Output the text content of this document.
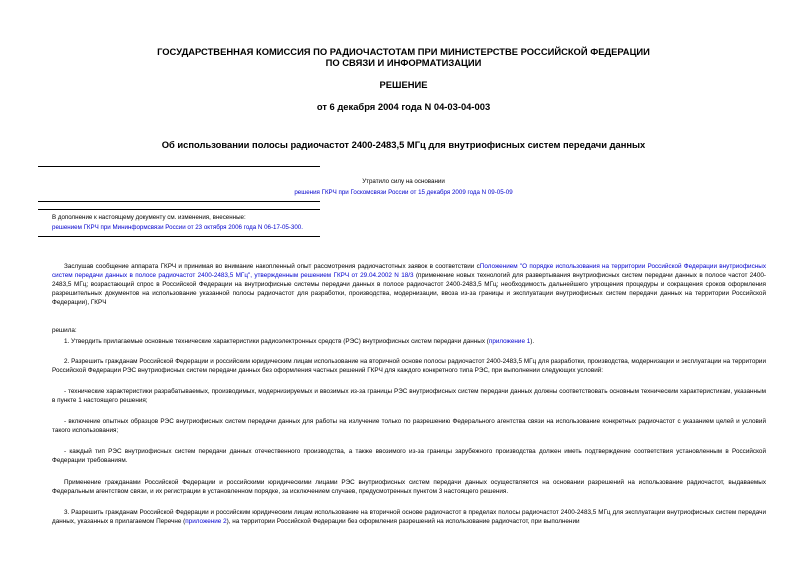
ГОСУДАРСТВЕННАЯ КОМИССИЯ ПО РАДИОЧАСТОТАМ ПРИ МИНИСТЕРСТВЕ РОССИЙСКОЙ ФЕДЕРАЦИИ
ПО СВЯЗИ И ИНФОРМАТИЗАЦИИ
РЕШЕНИЕ
от 6 декабря 2004 года N 04-03-04-003
Об использовании полосы радиочастот 2400-2483,5 МГц для внутриофисных систем передачи данных
Утратило силу на основании
решения ГКРЧ при Госкомсвязи России от 15 декабря 2009 года N 09-05-09
В дополнение к настоящему документу см. изменения, внесенные:
решением ГКРЧ при Мининформсвязи России от 23 октября 2006 года N 06-17-05-300.
Заслушав сообщение аппарата ГКРЧ и принимая во внимание накопленный опыт рассмотрения радиочастотных заявок в соответствии сПоложением "О порядке использования на территории Российской Федерации внутриофисных систем передачи данных в полосе радиочастот 2400-2483,5 МГц", утвержденным решением ГКРЧ от 29.04.2002 N 18/3 (применение новых технологий для развертывания внутриофисных систем передачи данных в полосе частот 2400-2483,5 МГц; возрастающий спрос в Российской Федерации на внутриофисные системы передачи данных в полосе радиочастот 2400-2483,5 МГц; необходимость дальнейшего упрощения процедуры и сокращения сроков оформления разрешительных документов на использование указанной полосы радиочастот для разработки, производства, модернизации, ввоза из-за границы и эксплуатации внутриофисных систем передачи данных на территории Российской Федерации), ГКРЧ
решила:
1. Утвердить прилагаемые основные технические характеристики радиоэлектронных средств (РЭС) внутриофисных систем передачи данных (приложение 1).
2. Разрешить гражданам Российской Федерации и российским юридическим лицам использование на вторичной основе полосы радиочастот 2400-2483,5 МГц для разработки, производства, модернизации и эксплуатации на территории Российской Федерации РЭС внутриофисных систем передачи данных без оформления частных решений ГКРЧ для каждого конкретного типа РЭС, при выполнении следующих условий:
- технические характеристики разрабатываемых, производимых, модернизируемых и ввозимых из-за границы РЭС внутриофисных систем передачи данных должны соответствовать основным техническим характеристикам, указанным в пункте 1 настоящего решения;
- включение опытных образцов РЭС внутриофисных систем передачи данных для работы на излучение только по разрешению Федерального агентства связи на использование конкретных радиочастот с указанием целей и условий такого использования;
- каждый тип РЭС внутриофисных систем передачи данных отечественного производства, а также ввозимого из-за границы зарубежного производства должен иметь подтверждение соответствия установленным в Российской Федерации требованиям.
Применение гражданами Российской Федерации и российскими юридическими лицами РЭС внутриофисных систем передачи данных осуществляется на основании разрешений на использование радиочастот, выдаваемых Федеральным агентством связи, и их регистрации в установленном порядке, за исключением случаев, предусмотренных пунктом 3 настоящего решения.
3. Разрешить гражданам Российской Федерации и российским юридическим лицам использование на вторичной основе радиочастот в пределах полосы радиочастот 2400-2483,5 МГц для эксплуатации внутриофисных систем передачи данных, указанных в прилагаемом Перечне (приложение 2), на территории Российской Федерации без оформления разрешений на использование радиочастот, при выполнении
